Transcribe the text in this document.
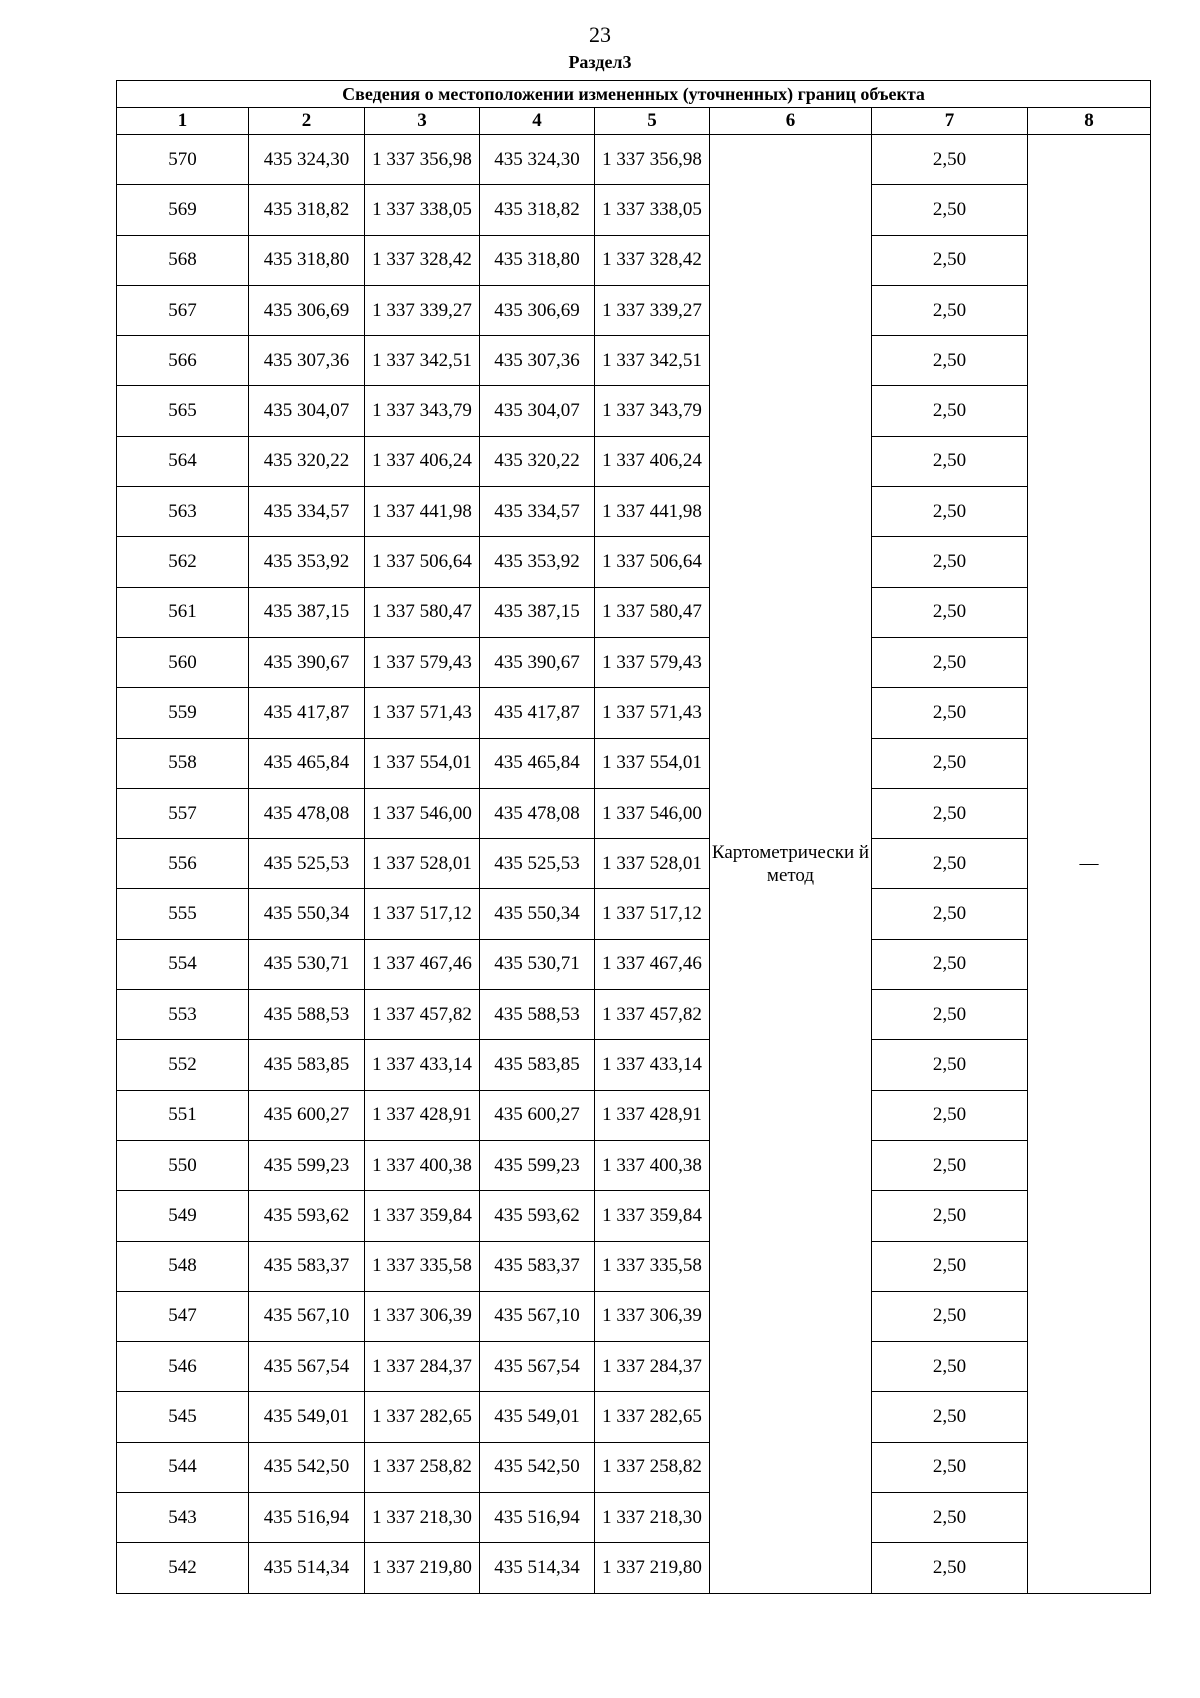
23
Раздел3
Сведения о местоположении измененных (уточненных) границ объекта							
1	2	3	4	5	6	7	8
570	435 324,30	1 337 356,98	435 324,30	1 337 356,98	Картометрически й метод	2,50	—
569	435 318,82	1 337 338,05	435 318,82	1 337 338,05		2,50	
568	435 318,80	1 337 328,42	435 318,80	1 337 328,42		2,50	
567	435 306,69	1 337 339,27	435 306,69	1 337 339,27		2,50	
566	435 307,36	1 337 342,51	435 307,36	1 337 342,51		2,50	
565	435 304,07	1 337 343,79	435 304,07	1 337 343,79		2,50	
564	435 320,22	1 337 406,24	435 320,22	1 337 406,24		2,50	
563	435 334,57	1 337 441,98	435 334,57	1 337 441,98		2,50	
562	435 353,92	1 337 506,64	435 353,92	1 337 506,64		2,50	
561	435 387,15	1 337 580,47	435 387,15	1 337 580,47		2,50	
560	435 390,67	1 337 579,43	435 390,67	1 337 579,43		2,50	
559	435 417,87	1 337 571,43	435 417,87	1 337 571,43		2,50	
558	435 465,84	1 337 554,01	435 465,84	1 337 554,01		2,50	
557	435 478,08	1 337 546,00	435 478,08	1 337 546,00		2,50	
556	435 525,53	1 337 528,01	435 525,53	1 337 528,01		2,50	
555	435 550,34	1 337 517,12	435 550,34	1 337 517,12		2,50	
554	435 530,71	1 337 467,46	435 530,71	1 337 467,46		2,50	
553	435 588,53	1 337 457,82	435 588,53	1 337 457,82		2,50	
552	435 583,85	1 337 433,14	435 583,85	1 337 433,14		2,50	
551	435 600,27	1 337 428,91	435 600,27	1 337 428,91		2,50	
550	435 599,23	1 337 400,38	435 599,23	1 337 400,38		2,50	
549	435 593,62	1 337 359,84	435 593,62	1 337 359,84		2,50	
548	435 583,37	1 337 335,58	435 583,37	1 337 335,58		2,50	
547	435 567,10	1 337 306,39	435 567,10	1 337 306,39		2,50	
546	435 567,54	1 337 284,37	435 567,54	1 337 284,37		2,50	
545	435 549,01	1 337 282,65	435 549,01	1 337 282,65		2,50	
544	435 542,50	1 337 258,82	435 542,50	1 337 258,82		2,50	
543	435 516,94	1 337 218,30	435 516,94	1 337 218,30		2,50	
542	435 514,34	1 337 219,80	435 514,34	1 337 219,80		2,50	
